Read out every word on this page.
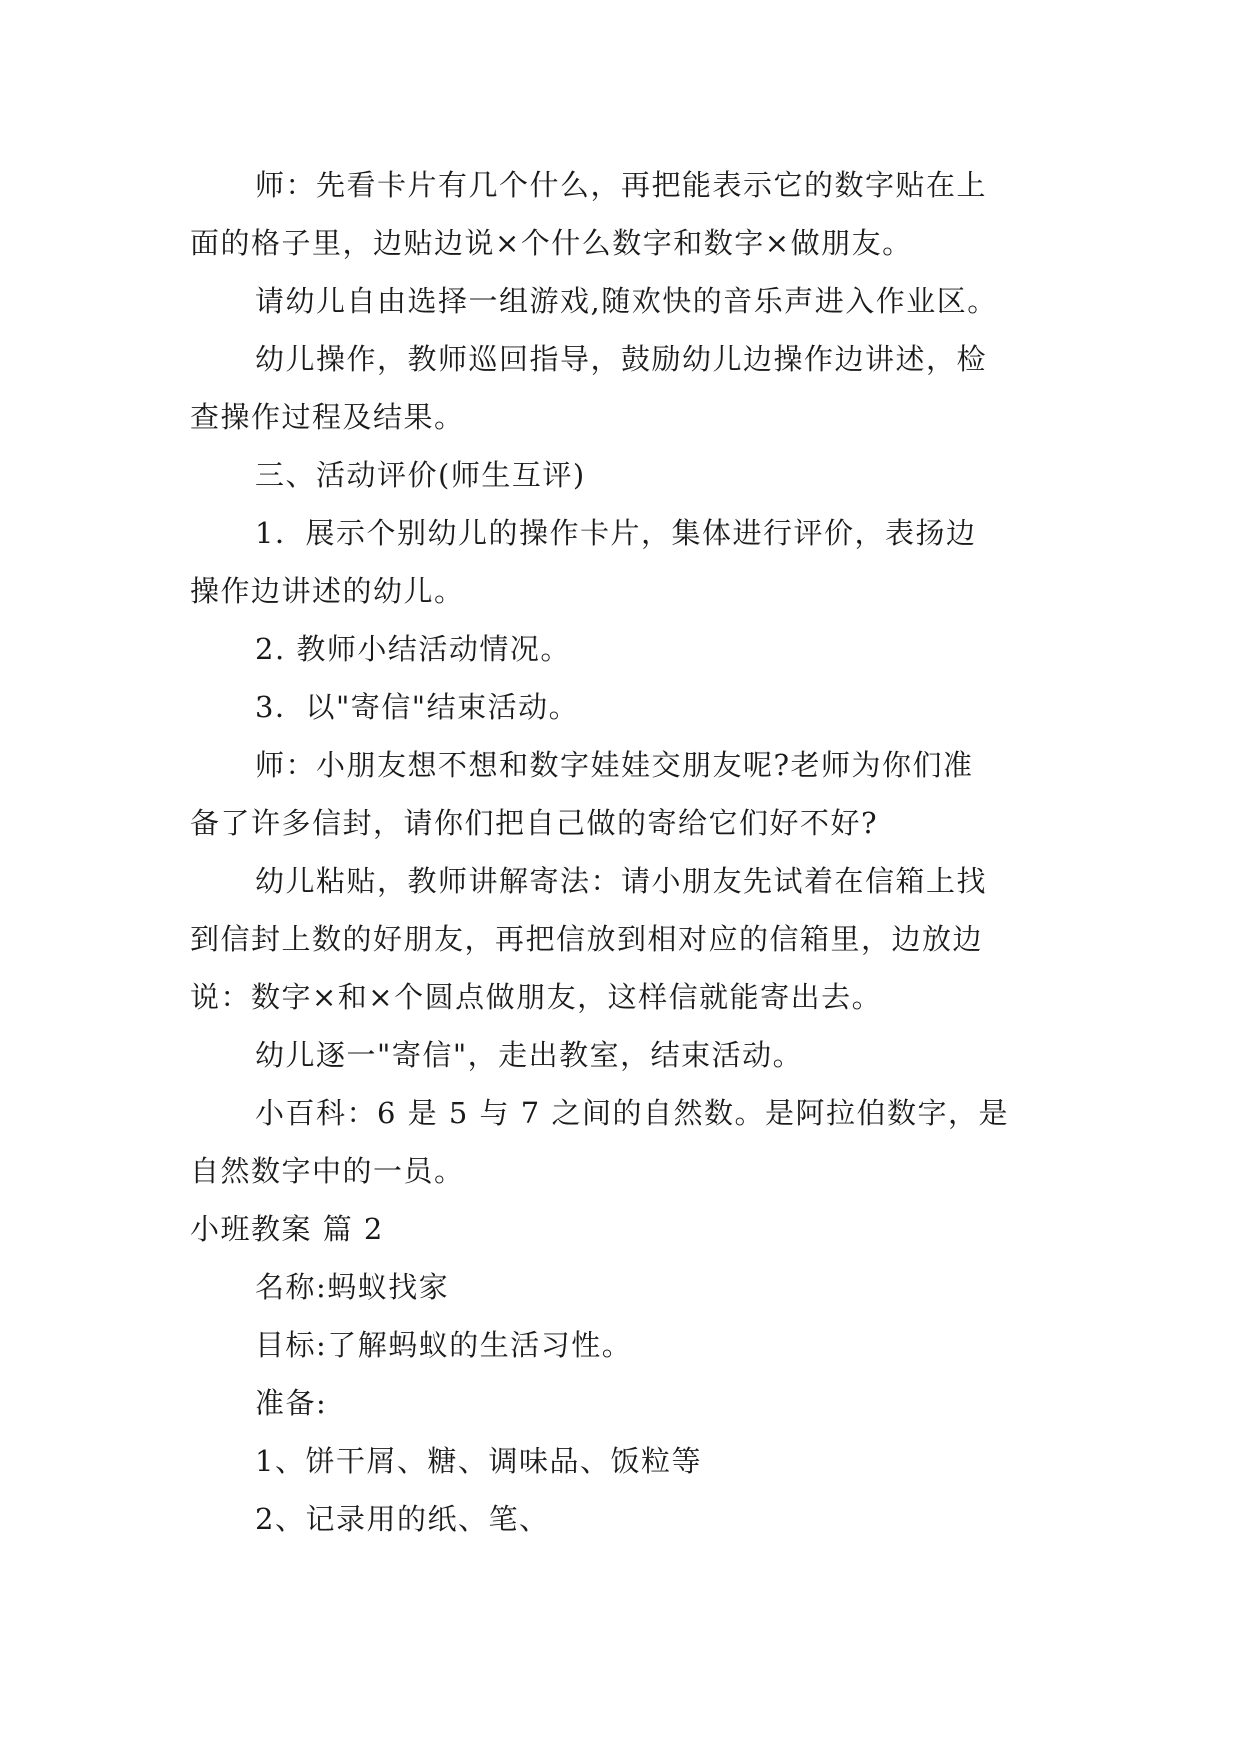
师：先看卡片有几个什么，再把能表示它的数字贴在上
面的格子里，边贴边说×个什么数字和数字×做朋友。
请幼儿自由选择一组游戏,随欢快的音乐声进入作业区。
幼儿操作，教师巡回指导，鼓励幼儿边操作边讲述，检
查操作过程及结果。
三、活动评价(师生互评)
1．展示个别幼儿的操作卡片，集体进行评价，表扬边
操作边讲述的幼儿。
2. 教师小结活动情况。
3．以"寄信"结束活动。
师：小朋友想不想和数字娃娃交朋友呢?老师为你们准
备了许多信封，请你们把自己做的寄给它们好不好?
幼儿粘贴，教师讲解寄法：请小朋友先试着在信箱上找
到信封上数的好朋友，再把信放到相对应的信箱里，边放边
说：数字×和×个圆点做朋友，这样信就能寄出去。
幼儿逐一"寄信"，走出教室，结束活动。
小百科：6 是 5 与 7 之间的自然数。是阿拉伯数字，是
自然数字中的一员。
小班教案 篇 2
名称:蚂蚁找家
目标:了解蚂蚁的生活习性。
准备:
1、饼干屑、糖、调味品、饭粒等
2、记录用的纸、笔、
